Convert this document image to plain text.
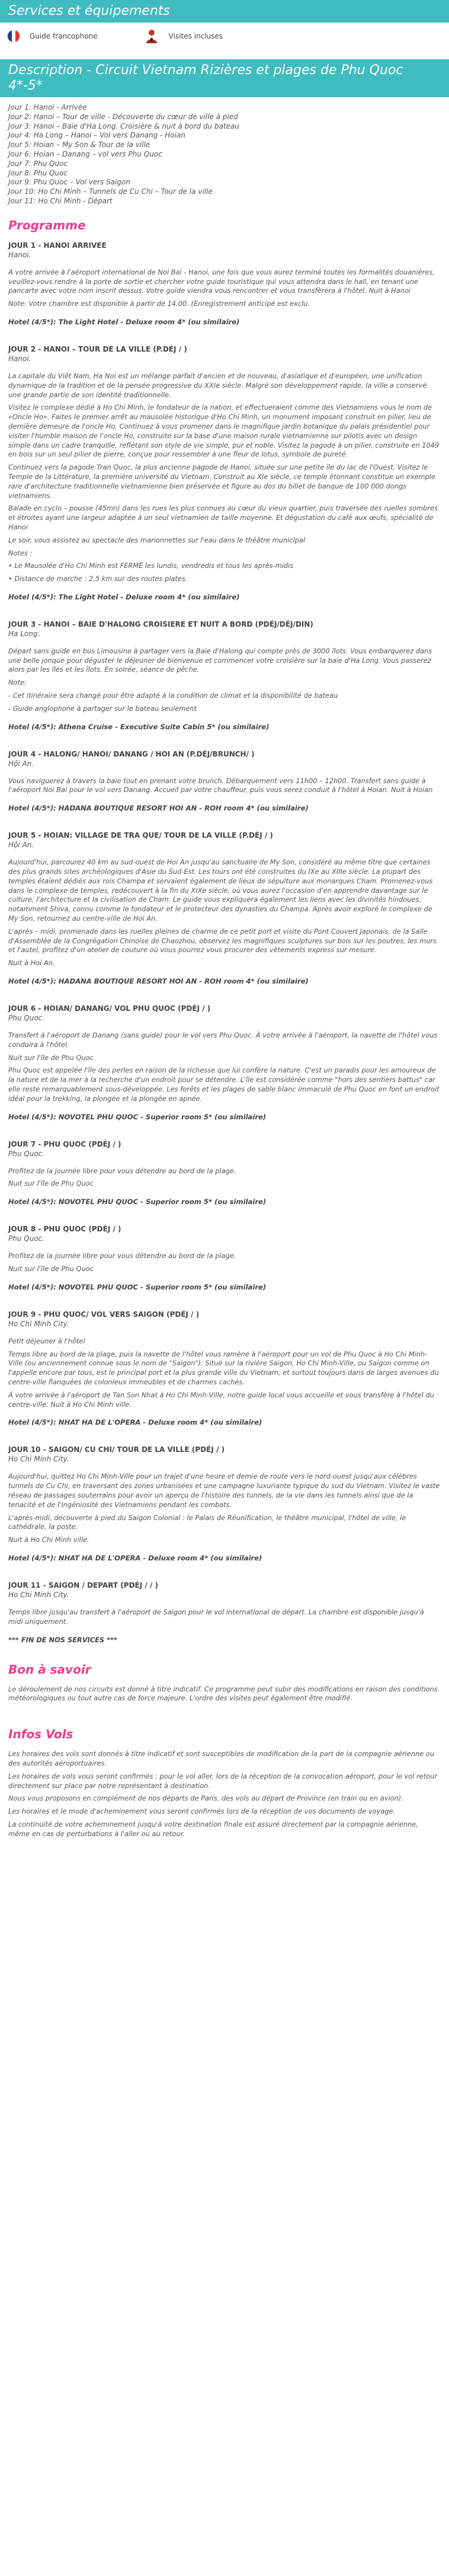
Services et équipements
Guide francophone	Visites incluses
Description - Circuit Vietnam Rizières et plages de Phu Quoc 4*-5*
Jour 1: Hanoi - Arrivée
Jour 2: Hanoi – Tour de ville - Découverte du cœur de ville à pied
Jour 3: Hanoi – Baie d'Ha Long. Croisière & nuit à bord du bateau
Jour 4: Ha Long – Hanoi – Vol vers Danang - Hoian
Jour 5: Hoian – My Son & Tour de la ville
Jour 6: Hoian – Danang – vol vers Phu Quoc
Jour 7: Phu Quoc
Jour 8: Phu Quoc
Jour 9: Phu Quoc – Vol vers Saigon
Jour 10: Ho Chi Minh – Tunnels de Cu Chi – Tour de la ville
Jour 11: Ho Chi Minh - Départ
Programme
JOUR 1 - HANOI ARRIVEE
Hanoi.
A votre arrivée à l'aéroport international de Noi Bai - Hanoi, une fois que vous aurez terminé toutes les formalités douanières, veuillez-vous rendre à la porte de sortie et chercher votre guide touristique qui vous attendra dans le hall, en tenant une pancarte avec votre nom inscrit dessus. Votre guide viendra vous rencontrer et vous transfèrera à l'hôtel. Nuit à Hanoi
Note: Votre chambre est disponible à partir de 14.00. (Enregistrement anticipé est exclu.
Hotel (4/5*): The Light Hotel - Deluxe room 4* (ou similaire)
JOUR 2 - HANOI – TOUR DE LA VILLE (P.DÉJ / )
Hanoi.
La capitale du Viêt Nam, Ha Noi est un mélange parfait d'ancien et de nouveau, d'asiatique et d'européen, une unification dynamique de la tradition et de la pensée progressive du XXIe siècle. Malgré son développement rapide, la ville a conservé une grande partie de son identité traditionnelle.
Visitez le complexe dédié à Ho Chi Minh, le fondateur de la nation, et effectueraient comme des Vietnamiens vous le nom de «Oncle Ho». Faites le premier arrêt au mausolée historique d'Ho Chi Minh, un monument imposant construit en pilier, lieu de dernière demeure de l'oncle Ho. Continuez à vous promener dans le magnifique jardin botanique du palais présidentiel pour visiter l'humble maison de l'oncle Ho, construite sur la base d'une maison rurale vietnamienne sur pilotis avec un design simple dans un cadre tranquille, reflétant son style de vie simple, pur et noble. Visitez la pagode à un pilier, construite en 1049 en bois sur un seul pilier de pierre, conçue pour ressembler à une fleur de lotus, symbole de pureté.
Continuez vers la pagode Tran Quoc, la plus ancienne pagode de Hanoi, située sur une petite île du lac de l'Ouest. Visitez le Temple de la Littérature, la première université du Vietnam. Construit au XIe siècle, ce temple étonnant constitue un exemple rare d'architecture traditionnelle vietnamienne bien préservée et figure au dos du billet de banque de 100 000 dongs vietnamiens.
Balade en cyclo – pousse (45mn) dans les rues les plus connues au cœur du vieux quartier, puis traversée des ruelles sombres et étroites ayant une largeur adaptée à un seul vietnamien de taille moyenne. Et dégustation du café aux œufs, spécialité de Hanoi
Le soir, vous assistez au spectacle des marionnettes sur l'eau dans le théâtre municipal
Notes :
• Le Mausolée d'Ho Chi Minh est FERMÉ les lundis, vendredis et tous les après-midis
• Distance de marche : 2,5 km sur des routes plates.
Hotel (4/5*): The Light Hotel - Deluxe room 4* (ou similaire)
JOUR 3 - HANOI – BAIE D'HALONG CROISIERE ET NUIT A BORD (PDÉJ/DÉJ/DIN)
Ha Long.
Départ sans guide en bus Limousine à partager vers la Baie d'Halong qui compte près de 3000 îlots. Vous embarquerez dans une belle jonque pour déguster le déjeuner de bienvenue et commencer votre croisière sur la baie d'Ha Long. Vous passerez alors par les îles et les îlots. En soirée, séance de pêche.
Note:
- Cet itinéraire sera changé pour être adapté à la condition de climat et la disponibilité de bateau
- Guide anglophone à partager sur le bateau seulement
Hotel (4/5*): Athena Cruise - Executive Suite Cabin 5* (ou similaire)
JOUR 4 - HALONG/ HANOI/ DANANG / HOI AN (P.DÉJ/BRUNCH/ )
Hội An.
Vous naviguerez à travers la baie tout en prenant votre brunch. Débarquement vers 11h00 – 12h00. Transfert sans guide à l'aéroport Noi Bai pour le vol vers Danang. Accueil par votre chauffeur, puis vous serez conduit à l'hôtel à Hoian. Nuit à Hoian
Hotel (4/5*): HADANA BOUTIQUE RESORT HOI AN - ROH room 4* (ou similaire)
JOUR 5 - HOIAN: VILLAGE DE TRA QUE/ TOUR DE LA VILLE (P.DÉJ / )
Hội An.
Aujourd'hui, parcourez 40 km au sud-ouest de Hoi An jusqu'au sanctuaire de My Son, considéré au même titre que certaines des plus grands sites archéologiques d'Asie du Sud-Est. Les tours ont été construites du IXe au XIIIe siècle. La plupart des temples étaient dédiés aux rois Champa et servaient également de lieux de sépulture aux monarques Cham. Promenez-vous dans le complexe de temples, redécouvert à la fin du XIXe siècle, où vous aurez l'occasion d'en apprendre davantage sur le culture, l'architecture et la civilisation de Cham. Le guide vous expliquera également les liens avec les divinités hindoues, notamment Shiva, connu comme le fondateur et le protecteur des dynasties du Champa. Après avoir exploré le complexe de My Son, retournez au centre-ville de Hoi An.
L'après – midi, promenade dans les ruelles pleines de charme de ce petit port et visite du Pont Couvert Japonais, de la Salle d'Assemblée de la Congrégation Chinoise de Chaozhou, observez les magnifiques sculptures sur bois sur les poutres, les murs et l'autel, profitez d'un atelier de couture où vous pourrez vous procurer des vêtements express sur mesure.
Nuit à Hoi An.
Hotel (4/5*): HADANA BOUTIQUE RESORT HOI AN - ROH room 4* (ou similaire)
JOUR 6 - HOIAN/ DANANG/ VOL PHU QUOC (PDÉJ / )
Phu Quoc.
Transfert à l'aéroport de Danang (sans guide) pour le vol vers Phu Quoc. À votre arrivée à l'aéroport, la navette de l'hôtel vous conduira à l'hôtel.
Nuit sur l'île de Phu Quoc
Phu Quoc est appelée l'île des perles en raison de la richesse que lui confère la nature. C'est un paradis pour les amoureux de la nature et de la mer à la recherche d'un endroit pour se détendre. L'île est considérée comme "hors des sentiers battus" car elle reste remarquablement sous-développée. Les forêts et les plages de sable blanc immaculé de Phu Quoc en font un endroit idéal pour la trekking, la plongée et la plongée en apnée.
Hotel (4/5*): NOVOTEL PHU QUOC - Superior room 5* (ou similaire)
JOUR 7 - PHU QUOC (PDÉJ / )
Phu Quoc.
Profitez de la journée libre pour vous détendre au bord de la plage.
Nuit sur l'île de Phu Quoc
Hotel (4/5*): NOVOTEL PHU QUOC - Superior room 5* (ou similaire)
JOUR 8 - PHU QUOC (PDÉJ / )
Phu Quoc.
Profitez de la journée libre pour vous détendre au bord de la plage.
Nuit sur l'île de Phu Quoc
Hotel (4/5*): NOVOTEL PHU QUOC - Superior room 5* (ou similaire)
JOUR 9 - PHU QUOC/ VOL VERS SAIGON (PDÉJ / )
Ho Chi Minh City.
Petit déjeuner à l'hôtel
Temps libre au bord de la plage, puis la navette de l'hôtel vous ramène à l'aéroport pour un vol de Phu Quoc à Ho Chi Minh-Ville (ou anciennement connue sous le nom de "Saigon"). Situé sur la rivière Saigon, Ho Chi Minh-Ville, ou Saigon comme on l'appelle encore par tous, est le principal port et la plus grande ville du Vietnam, et surtout toujours dans de larges avenues du centre-ville flanquées de colonieux immeubles et de charmes cachés.
À votre arrivée à l'aéroport de Tan Son Nhat à Ho Chi Minh-Ville, notre guide local vous accueille et vous transfère à l'hôtel du centre-ville. Nuit à Ho Chi Minh ville.
Hotel (4/5*): NHAT HA DE L'OPERA - Deluxe room 4* (ou similaire)
JOUR 10 - SAIGON/ CU CHI/ TOUR DE LA VILLE (PDÉJ / )
Ho Chi Minh City.
Aujourd'hui, quittez Ho Chi Minh-Ville pour un trajet d'une heure et demie de route vers le nord-ouest jusqu'aux célèbres tunnels de Cu Chi, en traversant des zones urbanisées et une campagne luxuriante typique du sud du Vietnam. Visitez le vaste réseau de passages souterrains pour avoir un aperçu de l'histoire des tunnels, de la vie dans les tunnels ainsi que de la tenacité et de l'ingéniosité des Vietnamiens pendant les combats.
L'après-midi, découverte à pied du Saigon Colonial : le Palais de Réunification, le théâtre municipal, l'hôtel de ville, le cathédrale, la poste.
Nuit à Ho Chi Minh ville.
Hotel (4/5*): NHAT HA DE L'OPERA - Deluxe room 4* (ou similaire)
JOUR 11 - SAIGON / DEPART (PDÉJ / / )
Ho Chi Minh City.
Temps libre jusqu'au transfert à l'aéroport de Saigon pour le vol international de départ. La chambre est disponible jusqu'à midi uniquement.
*** FIN DE NOS SERVICES ***
Bon à savoir

Le déroulement de nos circuits est donné à titre indicatif. Ce programme peut subir des modifications en raison des conditions météorologiques ou tout autre cas de force majeure. L'ordre des visites peut également être modifié.

Infos Vols

Les horaires des vols sont donnés à titre indicatif et sont susceptibles de modification de la part de la compagnie aérienne ou des autorités aéroportuaires.

Les horaires de vols vous seront confirmés : pour le vol aller, lors de la réception de la convocation aéroport, pour le vol retour directement sur place par notre représentant à destination.

Nous vous proposons en complément de nos départs de Paris, des vols au départ de Province (en train ou en avion).

Les horaires et le mode d'acheminement vous seront confirmés lors de la réception de vos documents de voyage.

La continuité de votre acheminement jusqu'à votre destination finale est assuré directement par la compagnie aérienne, même en cas de perturbations à l'aller ou au retour.
